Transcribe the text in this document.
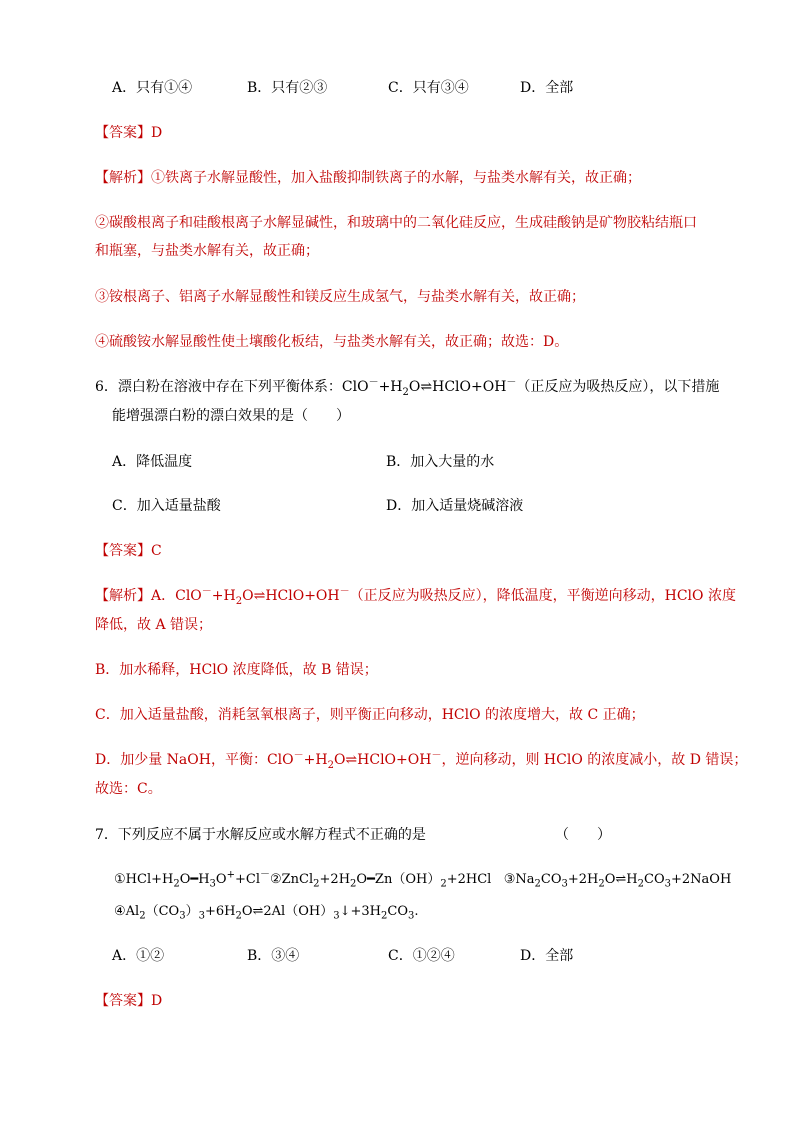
A．只有①④	B．只有②③	C．只有③④	D．全部
【答案】D
【解析】①铁离子水解显酸性，加入盐酸抑制铁离子的水解，与盐类水解有关，故正确；
②碳酸根离子和硅酸根离子水解显碱性，和玻璃中的二氧化硅反应，生成硅酸钠是矿物胶粘结瓶口
和瓶塞，与盐类水解有关，故正确；
③铵根离子、铝离子水解显酸性和镁反应生成氢气，与盐类水解有关，故正确；
④硫酸铵水解显酸性使土壤酸化板结，与盐类水解有关，故正确；故选：D。
6．漂白粉在溶液中存在下列平衡体系：$ClO^-+H_2O\rightleftharpoons HClO+OH^-$（正反应为吸热反应），以下措施
能增强漂白粉的漂白效果的是（　　）
A．降低温度	B．加入大量的水
C．加入适量盐酸	D．加入适量烧碱溶液
【答案】C
【解析】A．$ClO^-+H_2O\rightleftharpoons HClO+OH^-$（正反应为吸热反应），降低温度，平衡逆向移动，HClO 浓度
降低，故 A 错误；
B．加水稀释，HClO 浓度降低，故 B 错误；
C．加入适量盐酸，消耗氢氧根离子，则平衡正向移动，HClO 的浓度增大，故 C 正确；
D．加少量 NaOH，平衡：$ClO^-+H_2O\rightleftharpoons HClO+OH^-$，逆向移动，则 HClO 的浓度减小，故 D 错误；
故选：C。
7．下列反应不属于水解反应或水解方程式不正确的是	（　　）
$①HCl+H_2O━H_3O^++Cl^-②ZnCl_2+2H_2O━Zn(OH)_2+2HCl$ $③Na_2CO_3+2H_2O\rightleftharpoons H_2CO_3+2NaOH$
$④Al_2(CO_3)_3+6H_2O\rightleftharpoons 2Al(OH)_3↓+3H_2CO_3$.
A．①②	B．③④	C．①②④	D．全部
【答案】D
